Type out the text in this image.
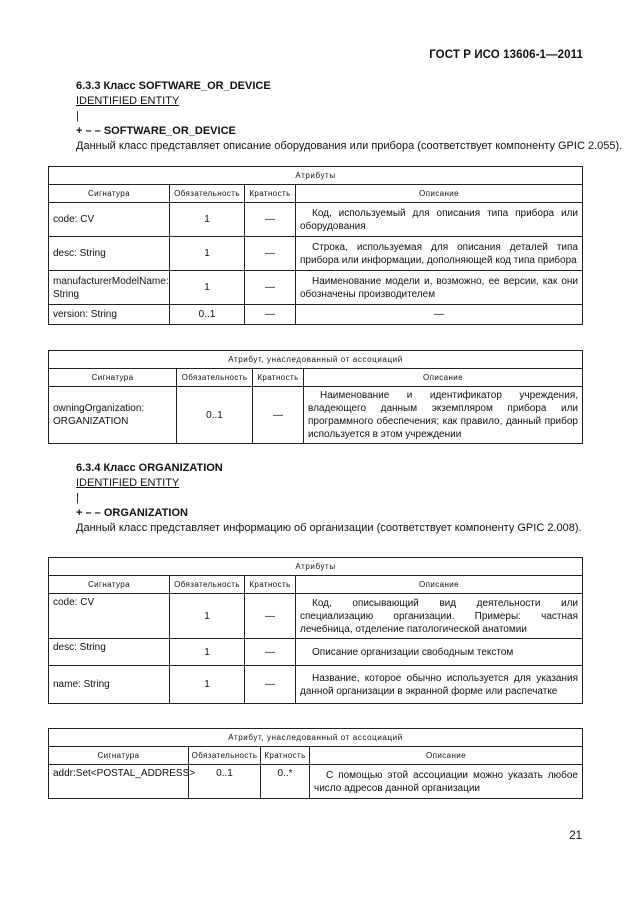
ГОСТ Р ИСО 13606-1—2011
6.3.3 Класс SOFTWARE_OR_DEVICE
IDENTIFIED ENTITY
|
+ – – SOFTWARE_OR_DEVICE
Данный класс представляет описание оборудования или прибора (соответствует компоненту GPIC 2.055).
Атрибуты			
Сигнатура	Обязательность	Кратность	Описание
code: CV	1	—	Код, используемый для описания типа прибора или оборудования
desc: String	1	—	Строка, используемая для описания деталей типа прибора или информации, дополняющей код типа прибора
manufacturerModelName: String	1	—	Наименование модели и, возможно, ее версии, как они обозначены производителем
version: String	0..1	—	—
Атрибут, унаследованный от ассоциаций			
Сигнатура	Обязательность	Кратность	Описание
owningOrganization: ORGANIZATION	0..1	—	Наименование и идентификатор учреждения, владеющего данным экземпляром прибора или программного обеспечения; как правило, данный прибор используется в этом учреждении
6.3.4 Класс ORGANIZATION
IDENTIFIED ENTITY
|
+ – – ORGANIZATION
Данный класс представляет информацию об организации (соответствует компоненту GPIC 2.008).
Атрибуты			
Сигнатура	Обязательность	Кратность	Описание
code: CV	1	—	Код, описывающий вид деятельности или специализацию организации. Примеры: частная лечебница, отделение патологической анатомии
desc: String	1	—	Описание организации свободным текстом
name: String	1	—	Название, которое обычно используется для указания данной организации в экранной форме или распечатке
Атрибут, унаследованный от ассоциаций			
Сигнатура	Обязательность	Кратность	Описание
addr:Set<POSTAL_ADDRESS>	0..1	0..*	С помощью этой ассоциации можно указать любое число адресов данной организации
21
